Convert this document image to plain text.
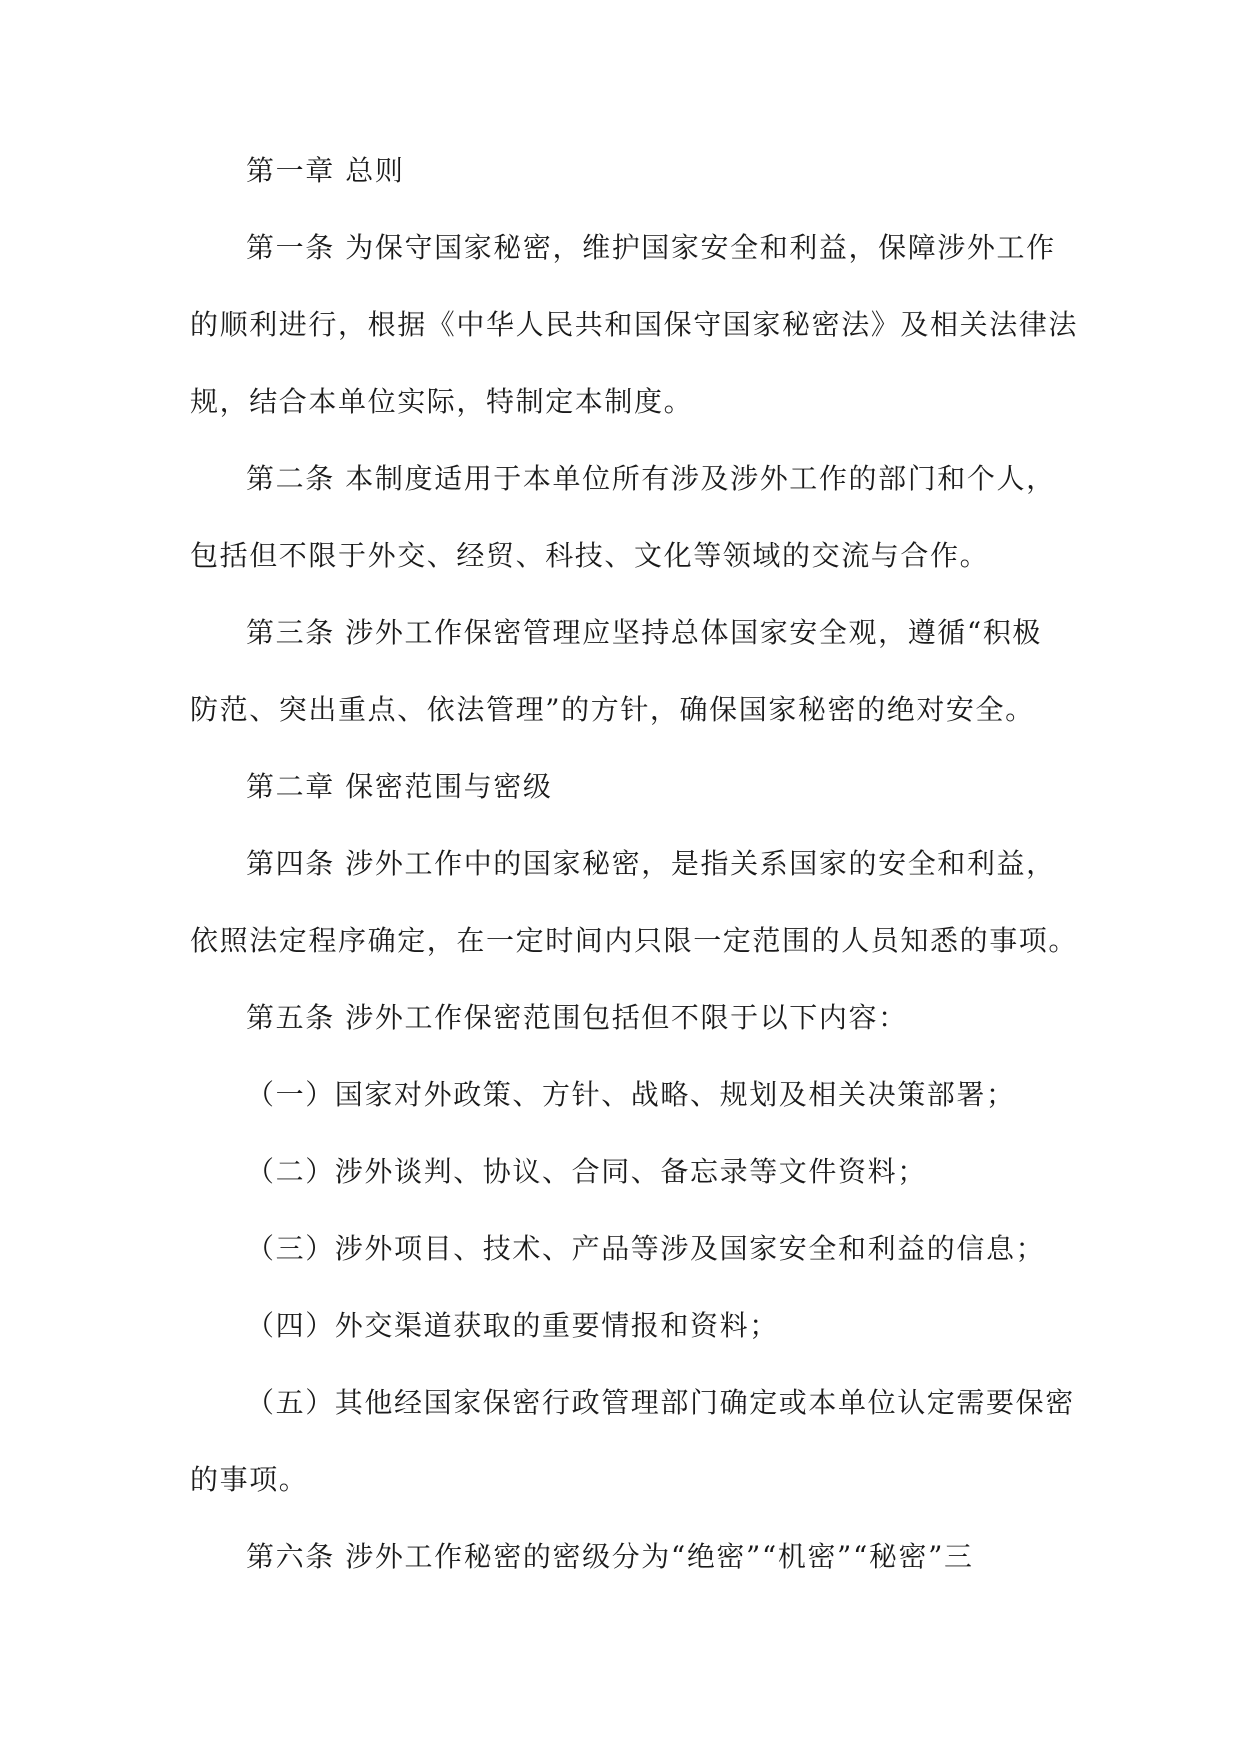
第一章 总则
第一条 为保守国家秘密，维护国家安全和利益，保障涉外工作
的顺利进行，根据《中华人民共和国保守国家秘密法》及相关法律法
规，结合本单位实际，特制定本制度。
第二条 本制度适用于本单位所有涉及涉外工作的部门和个人，
包括但不限于外交、经贸、科技、文化等领域的交流与合作。
第三条 涉外工作保密管理应坚持总体国家安全观，遵循“积极
防范、突出重点、依法管理”的方针，确保国家秘密的绝对安全。
第二章 保密范围与密级
第四条 涉外工作中的国家秘密，是指关系国家的安全和利益，
依照法定程序确定，在一定时间内只限一定范围的人员知悉的事项。
第五条 涉外工作保密范围包括但不限于以下内容：
（一）国家对外政策、方针、战略、规划及相关决策部署；
（二）涉外谈判、协议、合同、备忘录等文件资料；
（三）涉外项目、技术、产品等涉及国家安全和利益的信息；
（四）外交渠道获取的重要情报和资料；
（五）其他经国家保密行政管理部门确定或本单位认定需要保密
的事项。
第六条 涉外工作秘密的密级分为“绝密”“机密”“秘密”三
